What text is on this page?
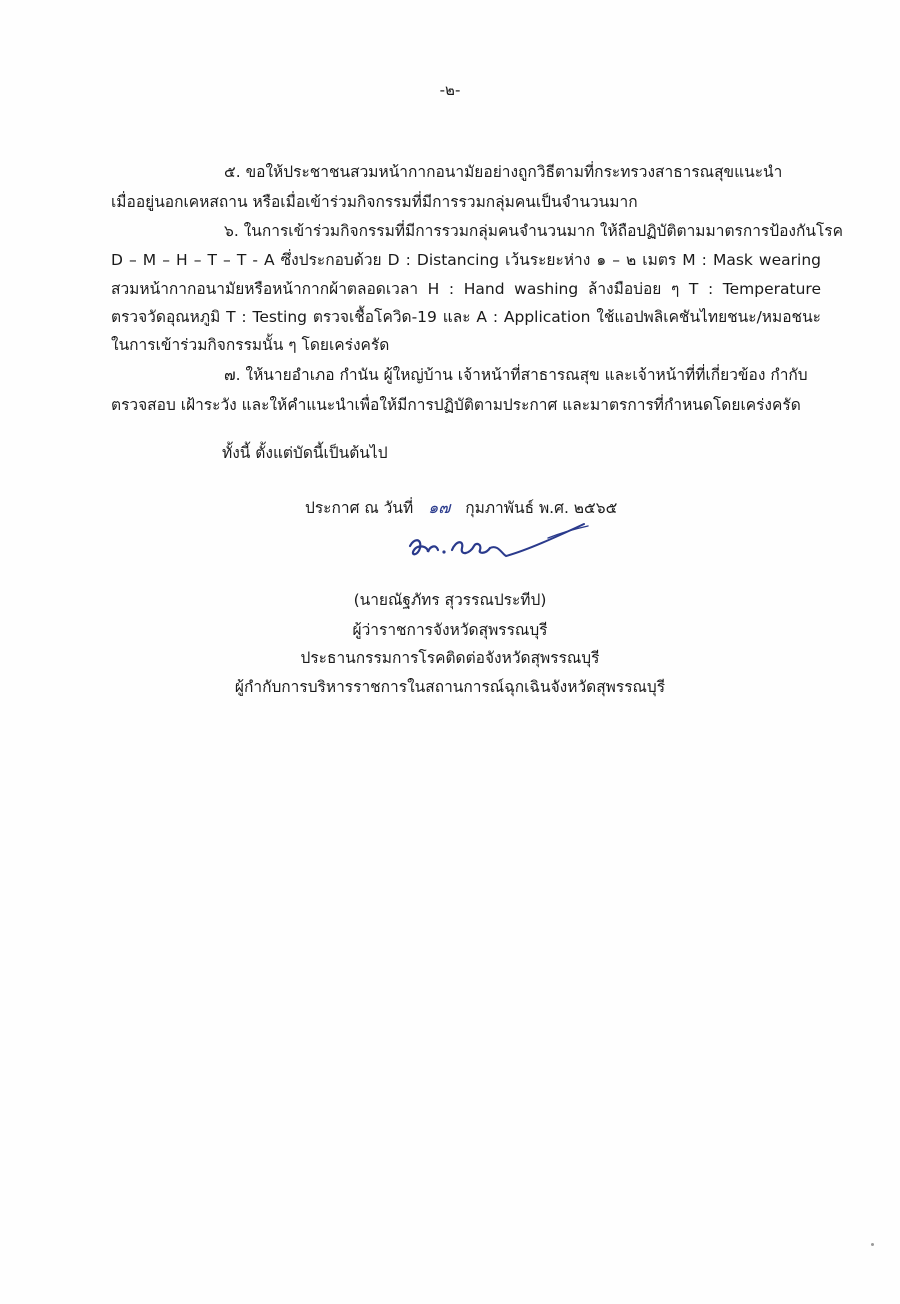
-๒-
๕. ขอให้ประชาชนสวมหน้ากากอนามัยอย่างถูกวิธีตามที่กระทรวงสาธารณสุขแนะนำ
เมื่ออยู่นอกเคหสถาน หรือเมื่อเข้าร่วมกิจกรรมที่มีการรวมกลุ่มคนเป็นจำนวนมาก
๖. ในการเข้าร่วมกิจกรรมที่มีการรวมกลุ่มคนจำนวนมาก ให้ถือปฏิบัติตามมาตรการป้องกันโรค
D – M – H – T – T - A ซึ่งประกอบด้วย D : Distancing เว้นระยะห่าง ๑ – ๒ เมตร M : Mask wearing
สวมหน้ากากอนามัยหรือหน้ากากผ้าตลอดเวลา H : Hand washing ล้างมือบ่อย ๆ T : Temperature
ตรวจวัดอุณหภูมิ T : Testing ตรวจเชื้อโควิด-19 และ A : Application ใช้แอปพลิเคชันไทยชนะ/หมอชนะ
ในการเข้าร่วมกิจกรรมนั้น ๆ โดยเคร่งครัด
๗. ให้นายอำเภอ กำนัน ผู้ใหญ่บ้าน เจ้าหน้าที่สาธารณสุข และเจ้าหน้าที่ที่เกี่ยวข้อง กำกับ
ตรวจสอบ เฝ้าระวัง และให้คำแนะนำเพื่อให้มีการปฏิบัติตามประกาศ และมาตรการที่กำหนดโดยเคร่งครัด
ทั้งนี้ ตั้งแต่บัดนี้เป็นต้นไป
ประกาศ ณ วันที่ ๑๗ กุมภาพันธ์ พ.ศ. ๒๕๖๕
(นายณัฐภัทร สุวรรณประทีป)
ผู้ว่าราชการจังหวัดสุพรรณบุรี
ประธานกรรมการโรคติดต่อจังหวัดสุพรรณบุรี
ผู้กำกับการบริหารราชการในสถานการณ์ฉุกเฉินจังหวัดสุพรรณบุรี
